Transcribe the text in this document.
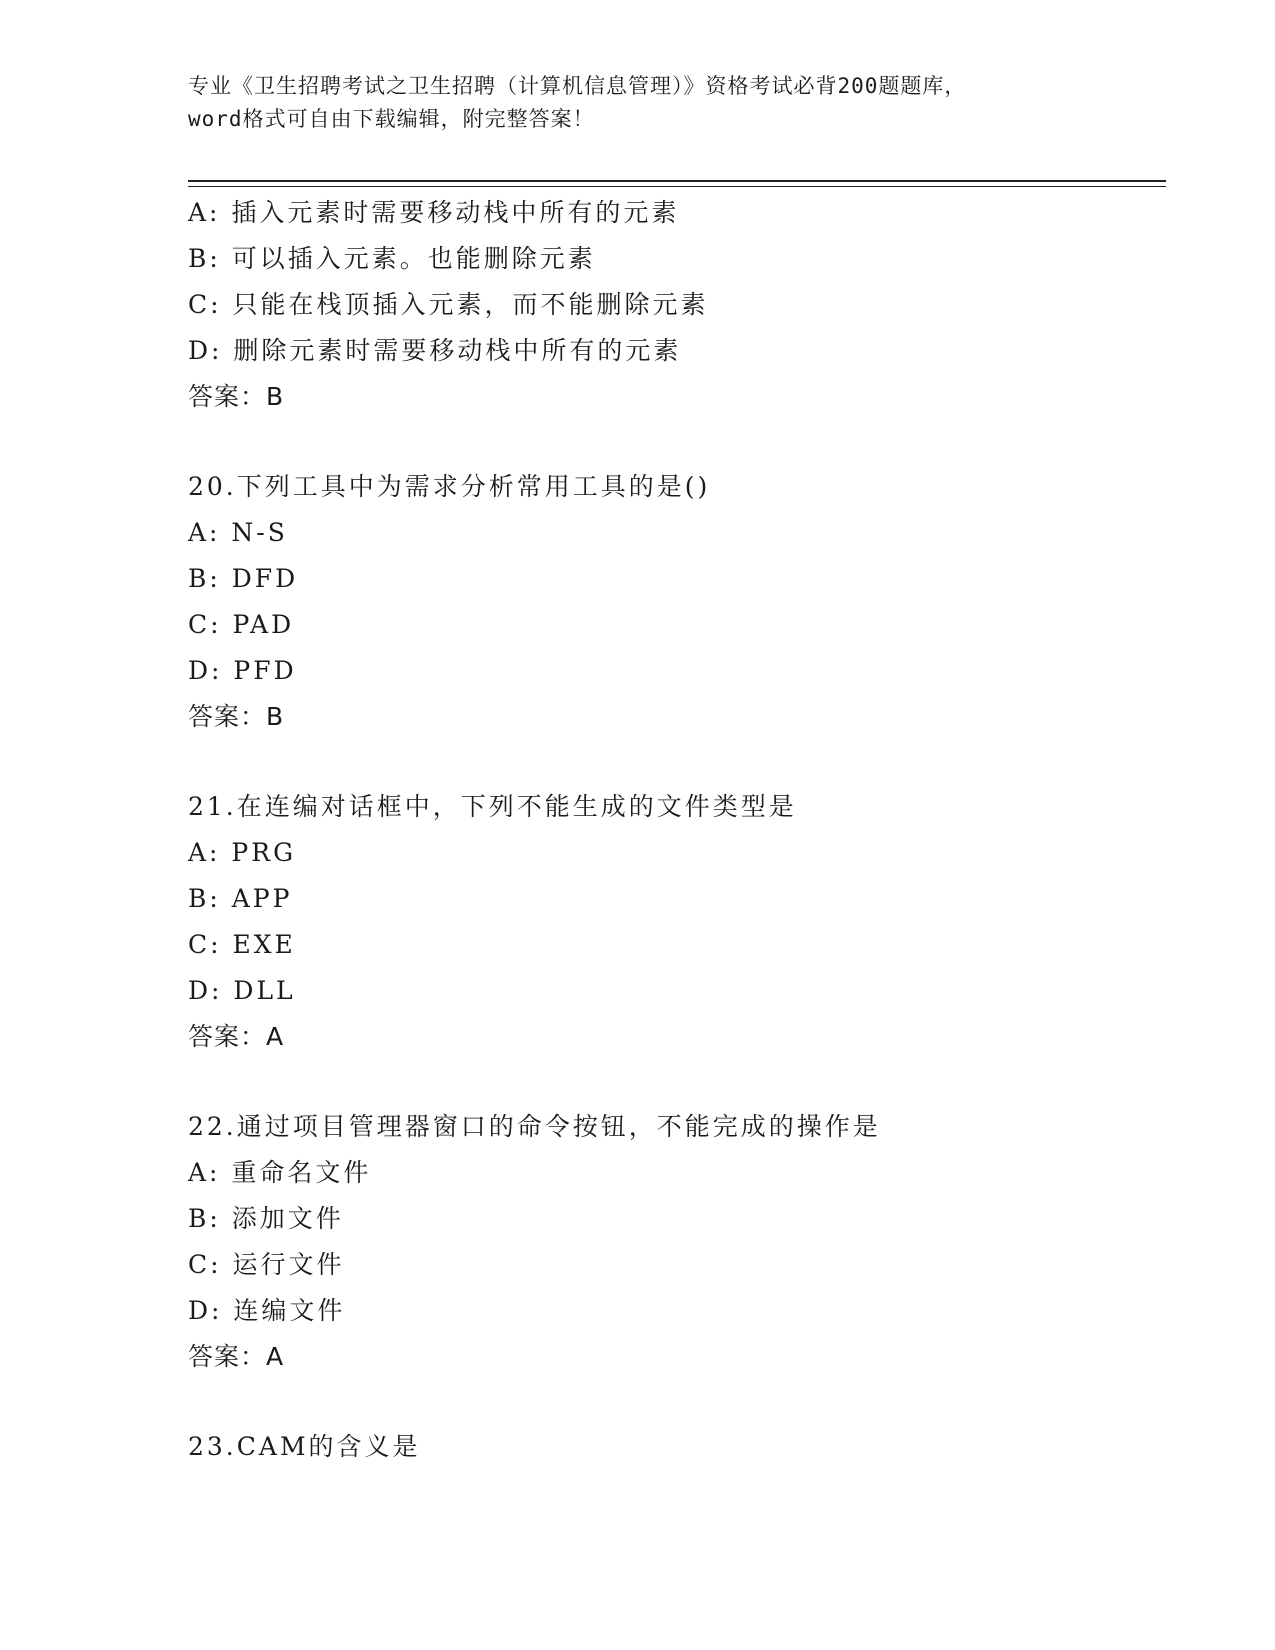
专业《卫生招聘考试之卫生招聘（计算机信息管理）》资格考试必背200题题库，
word格式可自由下载编辑，附完整答案！
A: 插入元素时需要移动栈中所有的元素
B: 可以插入元素。也能删除元素
C: 只能在栈顶插入元素，而不能删除元素
D: 删除元素时需要移动栈中所有的元素
答案：B
20.下列工具中为需求分析常用工具的是()
A: N-S
B: DFD
C: PAD
D: PFD
答案：B
21.在连编对话框中，下列不能生成的文件类型是
A: PRG
B: APP
C: EXE
D: DLL
答案：A
22.通过项目管理器窗口的命令按钮，不能完成的操作是
A: 重命名文件
B: 添加文件
C: 运行文件
D: 连编文件
答案：A
23.CAM的含义是
